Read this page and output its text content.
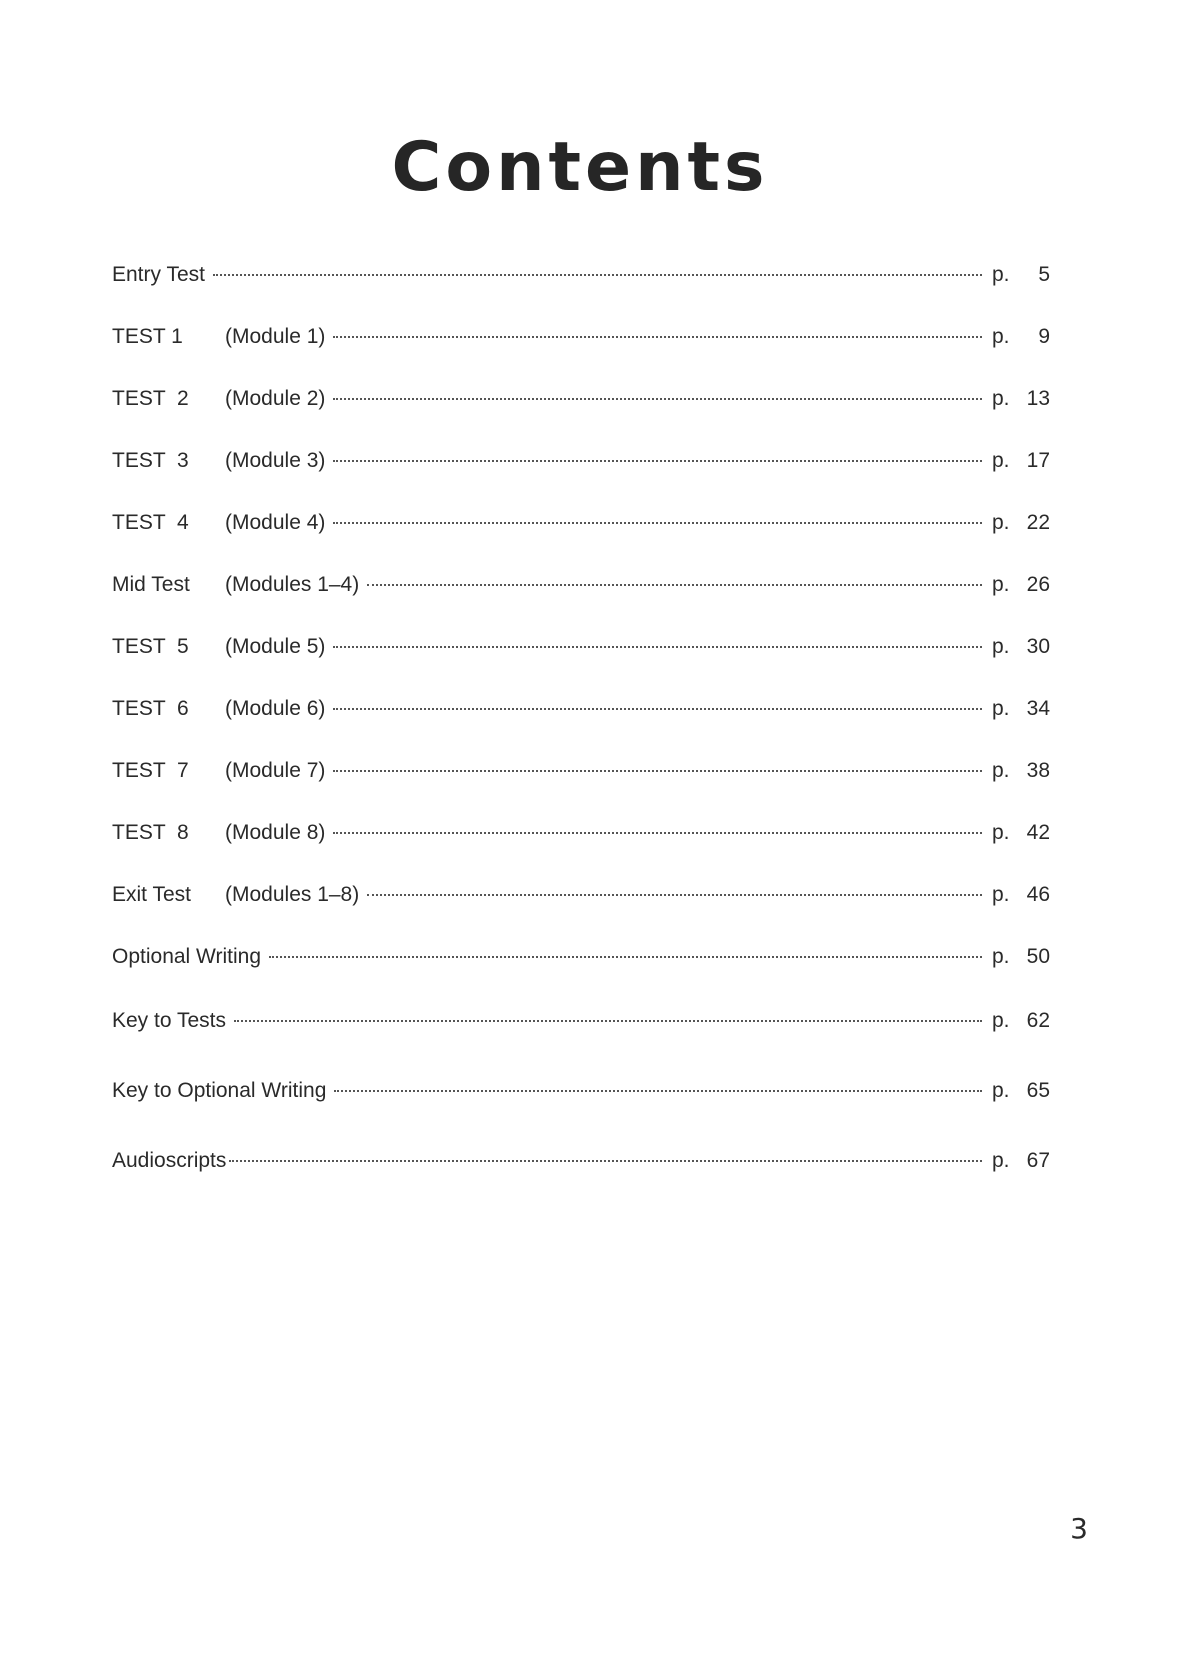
Contents
Entry Test	p.	5
TEST 1	(Module 1)	p.	9
TEST  2	(Module 2)	p. 13
TEST  3	(Module 3)	p. 17
TEST  4	(Module 4)	p. 22
Mid Test	(Modules 1–4)	p. 26
TEST  5	(Module 5)	p. 30
TEST  6	(Module 6)	p. 34
TEST  7	(Module 7)	p. 38
TEST  8	(Module 8)	p. 42
Exit Test	(Modules 1–8)	p. 46
Optional Writing	p. 50
Key to Tests	p. 62
Key to Optional Writing	p. 65
Audioscripts	p. 67
3
